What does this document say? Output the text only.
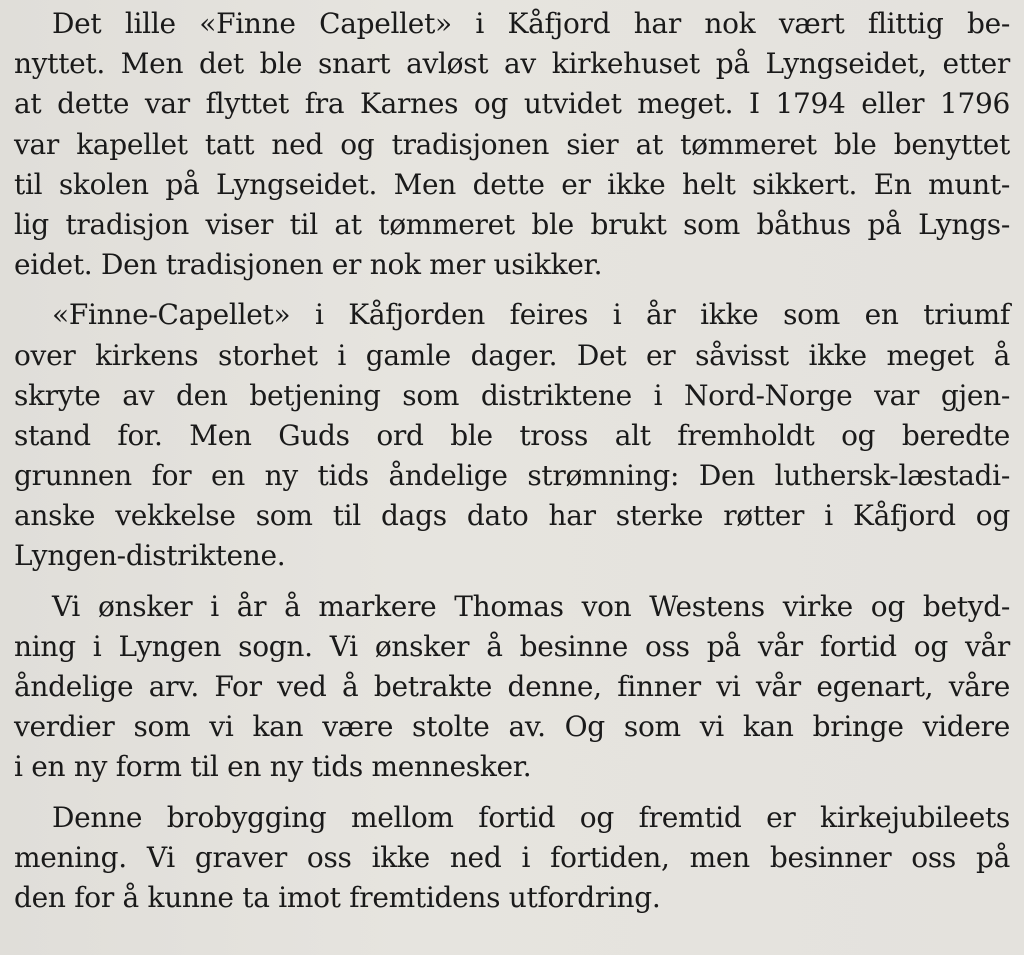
Det lille «Finne Capellet» i Kåfjord har nok vært flittig be-
nyttet. Men det ble snart avløst av kirkehuset på Lyngseidet, etter
at dette var flyttet fra Karnes og utvidet meget. I 1794 eller 1796
var kapellet tatt ned og tradisjonen sier at tømmeret ble benyttet
til skolen på Lyngseidet. Men dette er ikke helt sikkert. En munt-
lig tradisjon viser til at tømmeret ble brukt som båthus på Lyngs-
eidet. Den tradisjonen er nok mer usikker.
«Finne-Capellet» i Kåfjorden feires i år ikke som en triumf
over kirkens storhet i gamle dager. Det er såvisst ikke meget å
skryte av den betjening som distriktene i Nord-Norge var gjen-
stand for. Men Guds ord ble tross alt fremholdt og beredte
grunnen for en ny tids åndelige strømning: Den luthersk-læstadi-
anske vekkelse som til dags dato har sterke røtter i Kåfjord og
Lyngen-distriktene.
Vi ønsker i år å markere Thomas von Westens virke og betyd-
ning i Lyngen sogn. Vi ønsker å besinne oss på vår fortid og vår
åndelige arv. For ved å betrakte denne, finner vi vår egenart, våre
verdier som vi kan være stolte av. Og som vi kan bringe videre
i en ny form til en ny tids mennesker.
Denne brobygging mellom fortid og fremtid er kirkejubileets
mening. Vi graver oss ikke ned i fortiden, men besinner oss på
den for å kunne ta imot fremtidens utfordring.
